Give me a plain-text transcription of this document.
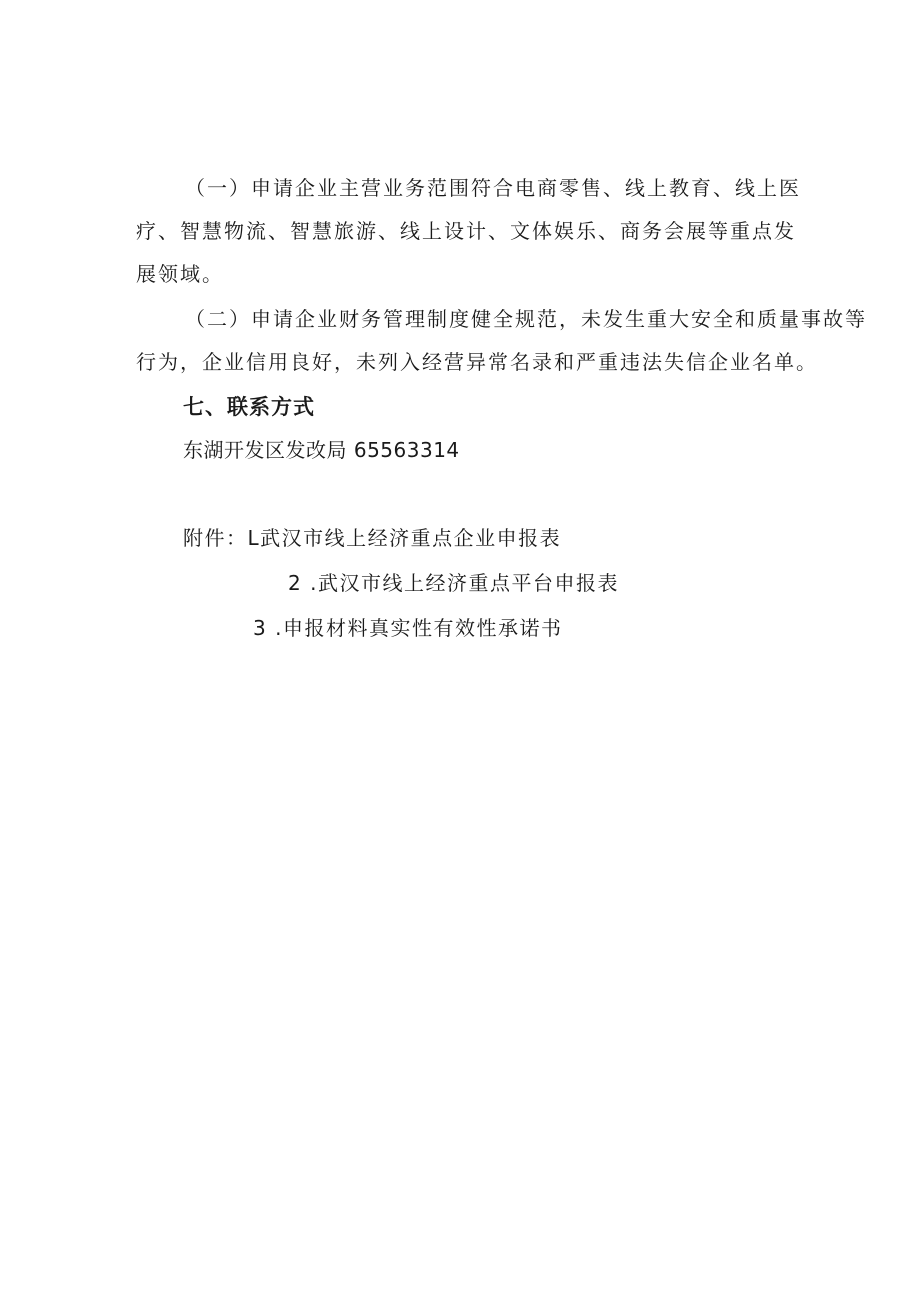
（一）申请企业主营业务范围符合电商零售、线上教育、线上医
疗、智慧物流、智慧旅游、线上设计、文体娱乐、商务会展等重点发
展领域。
（二）申请企业财务管理制度健全规范，未发生重大安全和质量事故等
行为，企业信用良好，未列入经营异常名录和严重违法失信企业名单。
七、联系方式
东湖开发区发改局 65563314
附件：L武汉市线上经济重点企业申报表
2 .武汉市线上经济重点平台申报表
3 .申报材料真实性有效性承诺书
